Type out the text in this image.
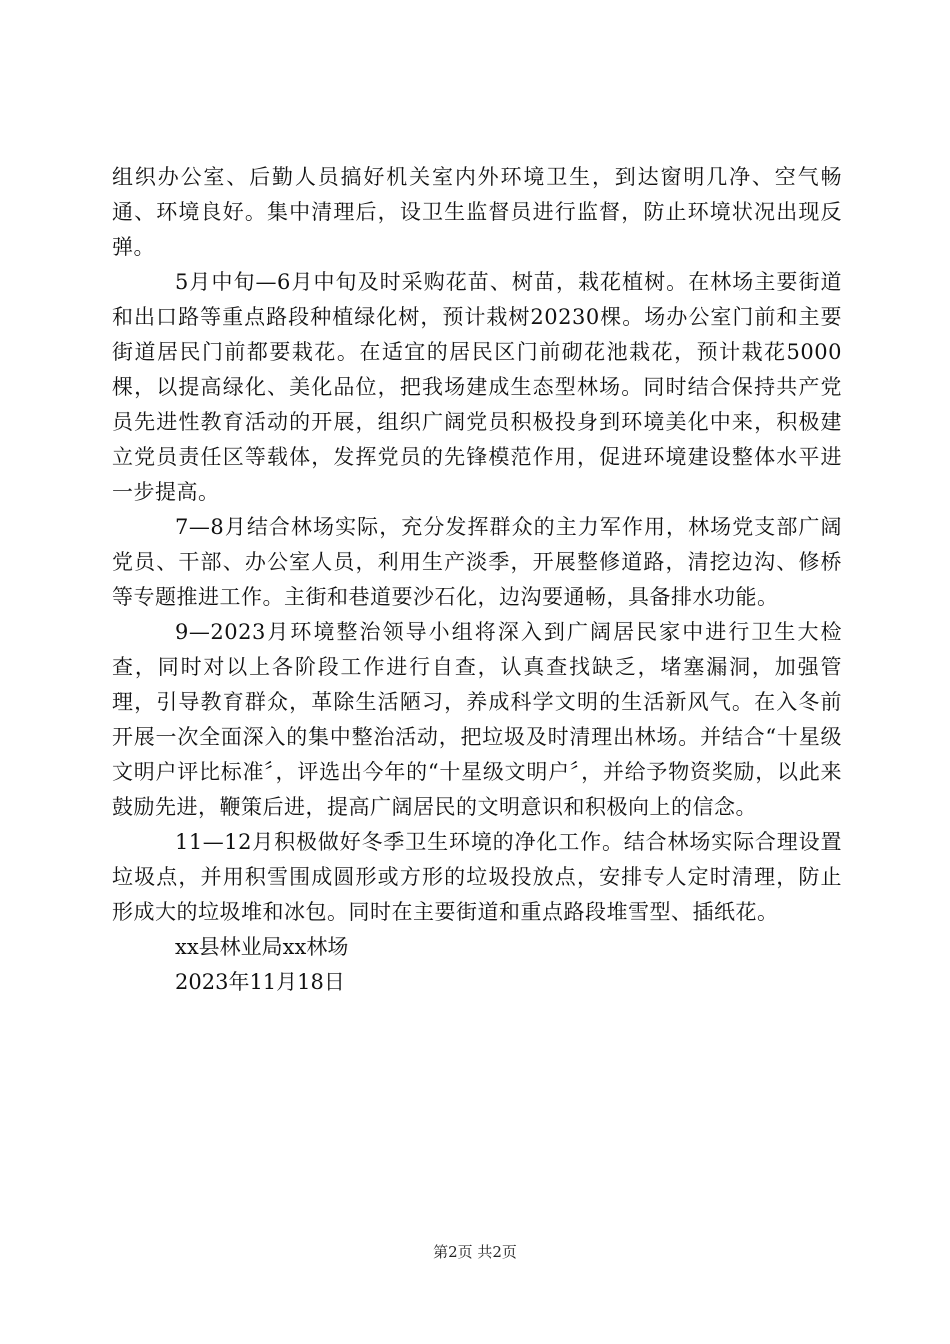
组织办公室、后勤人员搞好机关室内外环境卫生，到达窗明几净、空气畅通、环境良好。集中清理后，设卫生监督员进行监督，防止环境状况出现反弹。

5月中旬—6月中旬及时采购花苗、树苗，栽花植树。在林场主要街道和出口路等重点路段种植绿化树，预计栽树20230棵。场办公室门前和主要街道居民门前都要栽花。在适宜的居民区门前砌花池栽花，预计栽花5000棵，以提高绿化、美化品位，把我场建成生态型林场。同时结合保持共产党员先进性教育活动的开展，组织广阔党员积极投身到环境美化中来，积极建立党员责任区等载体，发挥党员的先锋模范作用，促进环境建设整体水平进一步提高。

7—8月结合林场实际，充分发挥群众的主力军作用，林场党支部广阔党员、干部、办公室人员，利用生产淡季，开展整修道路，清挖边沟、修桥等专题推进工作。主街和巷道要沙石化，边沟要通畅，具备排水功能。

9—2023月环境整治领导小组将深入到广阔居民家中进行卫生大检查，同时对以上各阶段工作进行自查，认真查找缺乏，堵塞漏洞，加强管理，引导教育群众，革除生活陋习，养成科学文明的生活新风气。在入冬前开展一次全面深入的集中整治活动，把垃圾及时清理出林场。并结合“十星级文明户评比标准〞，评选出今年的“十星级文明户〞，并给予物资奖励，以此来鼓励先进，鞭策后进，提高广阔居民的文明意识和积极向上的信念。

11—12月积极做好冬季卫生环境的净化工作。结合林场实际合理设置垃圾点，并用积雪围成圆形或方形的垃圾投放点，安排专人定时清理，防止形成大的垃圾堆和冰包。同时在主要街道和重点路段堆雪型、插纸花。

xx县林业局xx林场

2023年11月18日

第2页 共2页
